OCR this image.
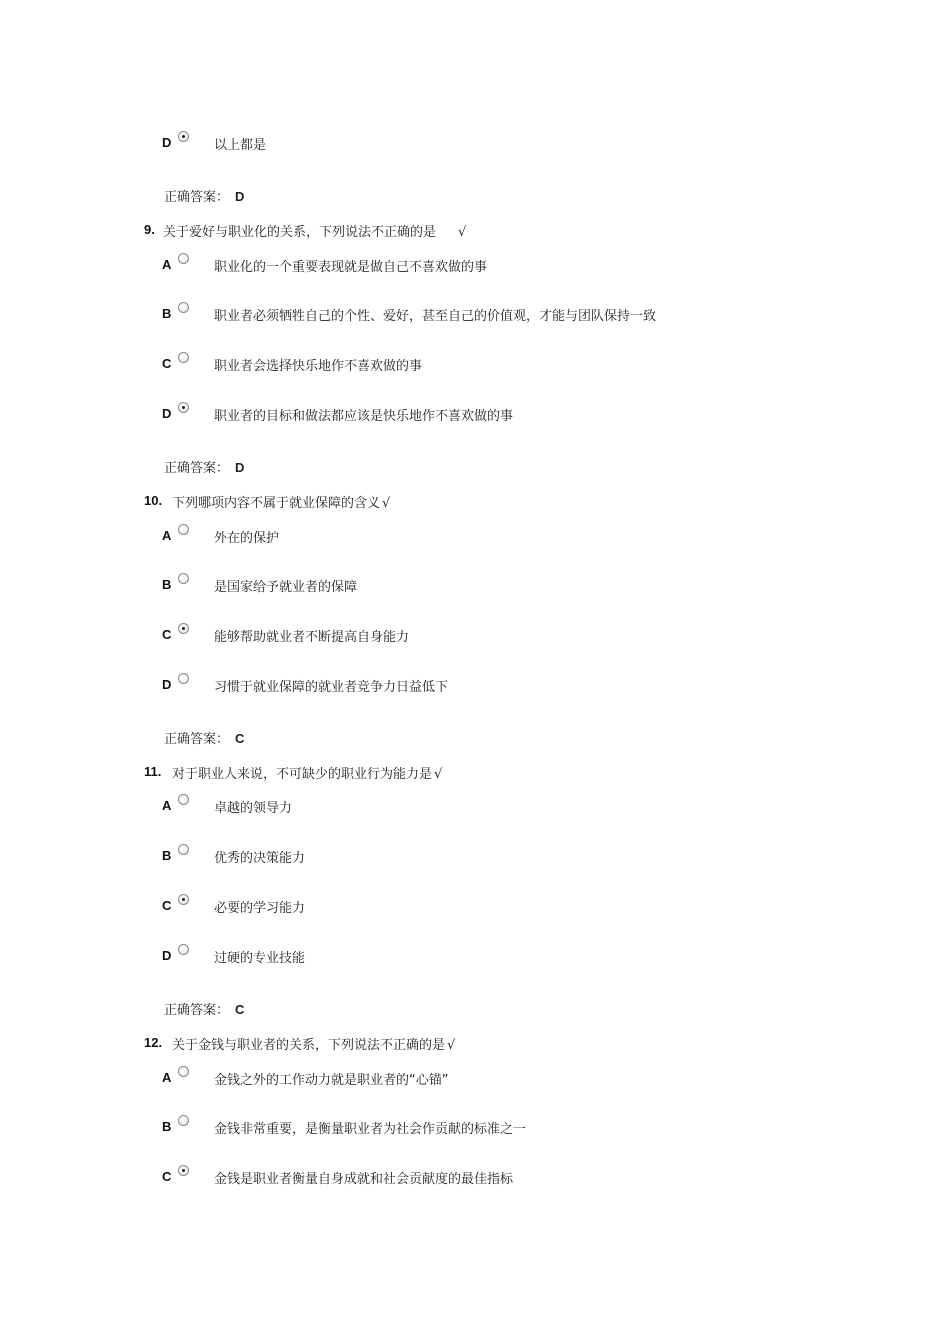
D	以上都是
正确答案： D
9. 关于爱好与职业化的关系，下列说法不正确的是 √
A	职业化的一个重要表现就是做自己不喜欢做的事
B	职业者必须牺牲自己的个性、爱好，甚至自己的价值观，才能与团队保持一致
C	职业者会选择快乐地作不喜欢做的事
D	职业者的目标和做法都应该是快乐地作不喜欢做的事
正确答案： D
10. 下列哪项内容不属于就业保障的含义 √
A	外在的保护
B	是国家给予就业者的保障
C	能够帮助就业者不断提高自身能力
D	习惯于就业保障的就业者竞争力日益低下
正确答案： C
11. 对于职业人来说，不可缺少的职业行为能力是 √
A	卓越的领导力
B	优秀的决策能力
C	必要的学习能力
D	过硬的专业技能
正确答案： C
12. 关于金钱与职业者的关系，下列说法不正确的是 √
A	金钱之外的工作动力就是职业者的“心锚”
B	金钱非常重要，是衡量职业者为社会作贡献的标准之一
C	金钱是职业者衡量自身成就和社会贡献度的最佳指标
